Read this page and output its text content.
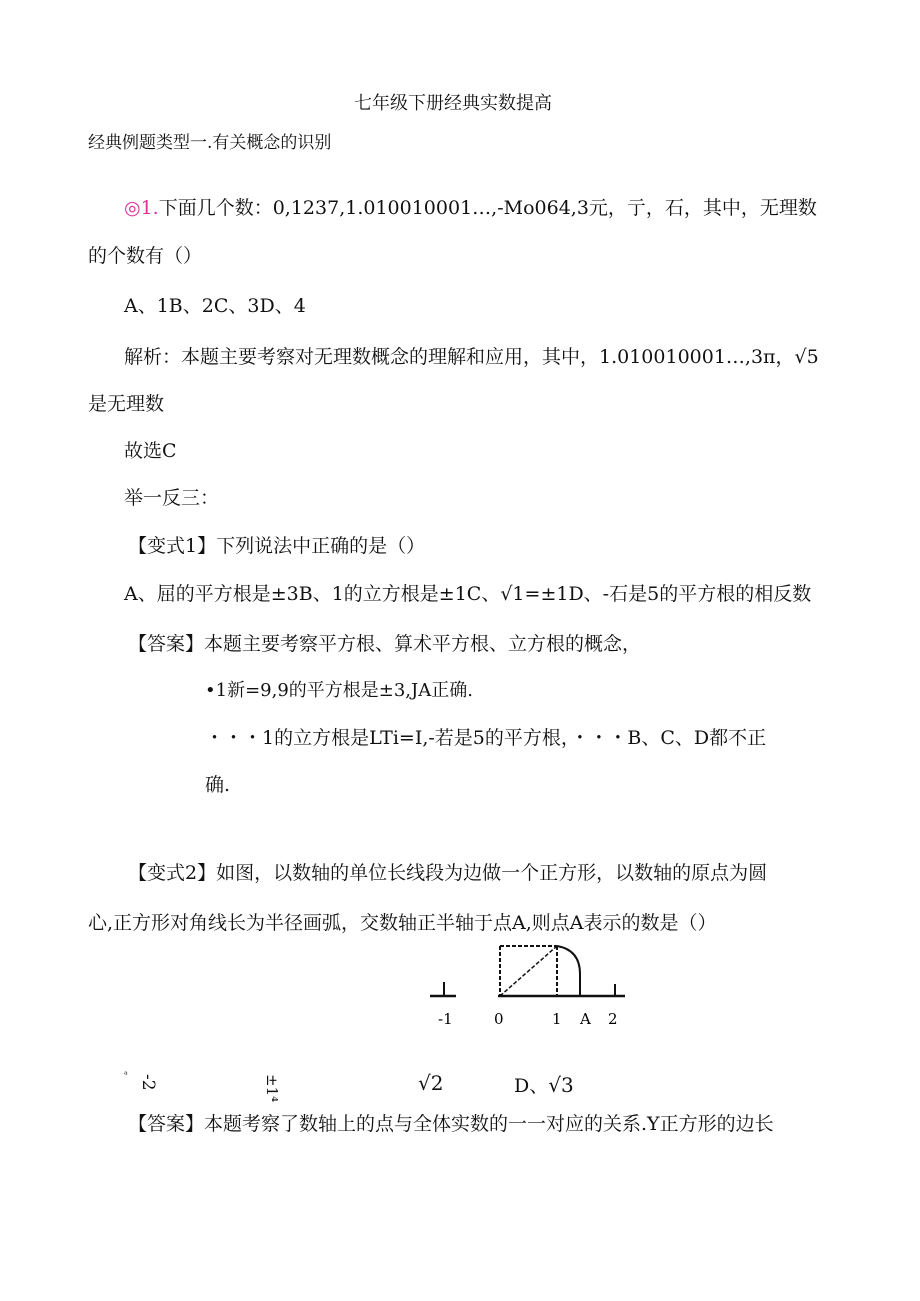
七年级下册经典实数提高
经典例题类型一.有关概念的识别
◎1.下面几个数：0,1237,1.010010001…,-Mo064,3元，亍，石，其中，无理数
的个数有（）
A、1B、2C、3D、4
解析：本题主要考察对无理数概念的理解和应用，其中，1.010010001…,3π，√5
是无理数
故选C
举一反三：
【变式1】下列说法中正确的是（）
A、屈的平方根是±3B、1的立方根是±1C、√1=±1D、-石是5的平方根的相反数
【答案】本题主要考察平方根、算术平方根、立方根的概念，
•1新=9,9的平方根是±3,JA正确.
・・・1的立方根是LTi=I,-若是5的平方根，・・・B、C、D都不正
确.
【变式2】如图，以数轴的单位长线段为边做一个正方形，以数轴的原点为圆
心,正方形对角线长为半径画弧，交数轴正半轴于点A,则点A表示的数是（）
-1	0	1 A 2
ᵃ -2	±1⁴	√2	D、√3
【答案】本题考察了数轴上的点与全体实数的一一对应的关系.Y正方形的边长
